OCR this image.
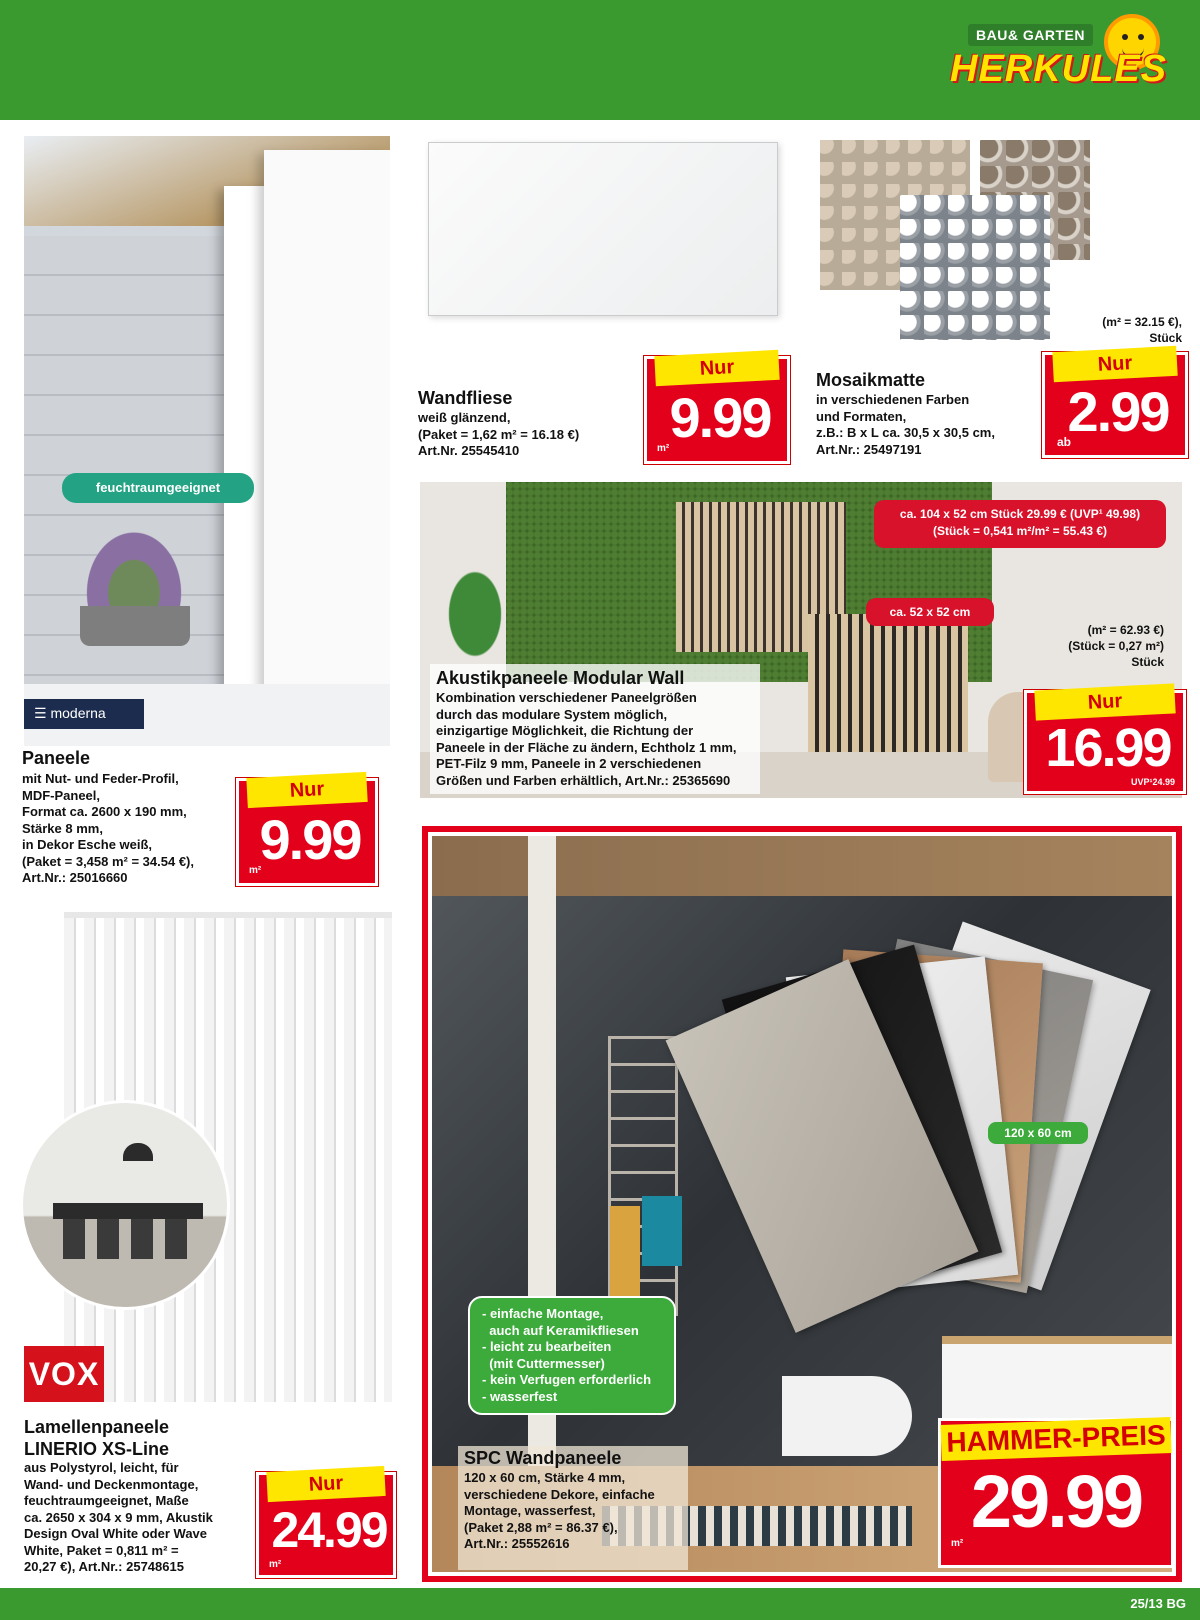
BAU& GARTEN
HERKULES
feuchtraumgeeignet
☰ moderna
Paneele
mit Nut- und Feder-Profil,
MDF-Paneel,
Format ca. 2600 x 190 mm,
Stärke 8 mm,
in Dekor Esche weiß,
(Paket = 3,458 m² = 34.54 €),
Art.Nr.: 25016660
Nur
9.99
m²
Wandfliese
weiß glänzend,
(Paket = 1,62 m² = 16.18 €)
Art.Nr. 25545410
Nur
9.99
m²
(m² = 32.15 €),
Stück
Mosaikmatte
in verschiedenen Farben
und Formaten,
z.B.: B x L ca. 30,5 x 30,5 cm,
Art.Nr.: 25497191
Nur
ab
2.99
ca. 104 x 52 cm Stück 29.99 € (UVP¹ 49.98)
(Stück = 0,541 m²/m² = 55.43 €)
ca. 52 x 52 cm
(m² = 62.93 €)
(Stück = 0,27 m²)
Stück
Akustikpaneele Modular Wall
Kombination verschiedener Paneelgrößen
durch das modulare System möglich,
einzigartige Möglichkeit, die Richtung der
Paneele in der Fläche zu ändern, Echtholz 1 mm,
PET-Filz 9 mm, Paneele in 2 verschiedenen
Größen und Farben erhältlich, Art.Nr.: 25365690
Nur
16.99
UVP¹24.99
VOX
Lamellenpaneele
LINERIO XS-Line
aus Polystyrol, leicht, für
Wand- und Deckenmontage,
feuchtraumgeeignet, Maße
ca. 2650 x 304 x 9 mm, Akustik
Design Oval White oder Wave
White, Paket = 0,811 m² =
20,27 €), Art.Nr.: 25748615
Nur
24.99
m²
120 x 60 cm
- einfache Montage,
auch auf Keramikfliesen
- leicht zu bearbeiten
(mit Cuttermesser)
- kein Verfugen erforderlich
- wasserfest
SPC Wandpaneele
120 x 60 cm, Stärke 4 mm,
verschiedene Dekore, einfache
Montage, wasserfest,
(Paket 2,88 m² = 86.37 €),
Art.Nr.: 25552616
HAMMER-PREIS
29.99
m²
25/13 BG
